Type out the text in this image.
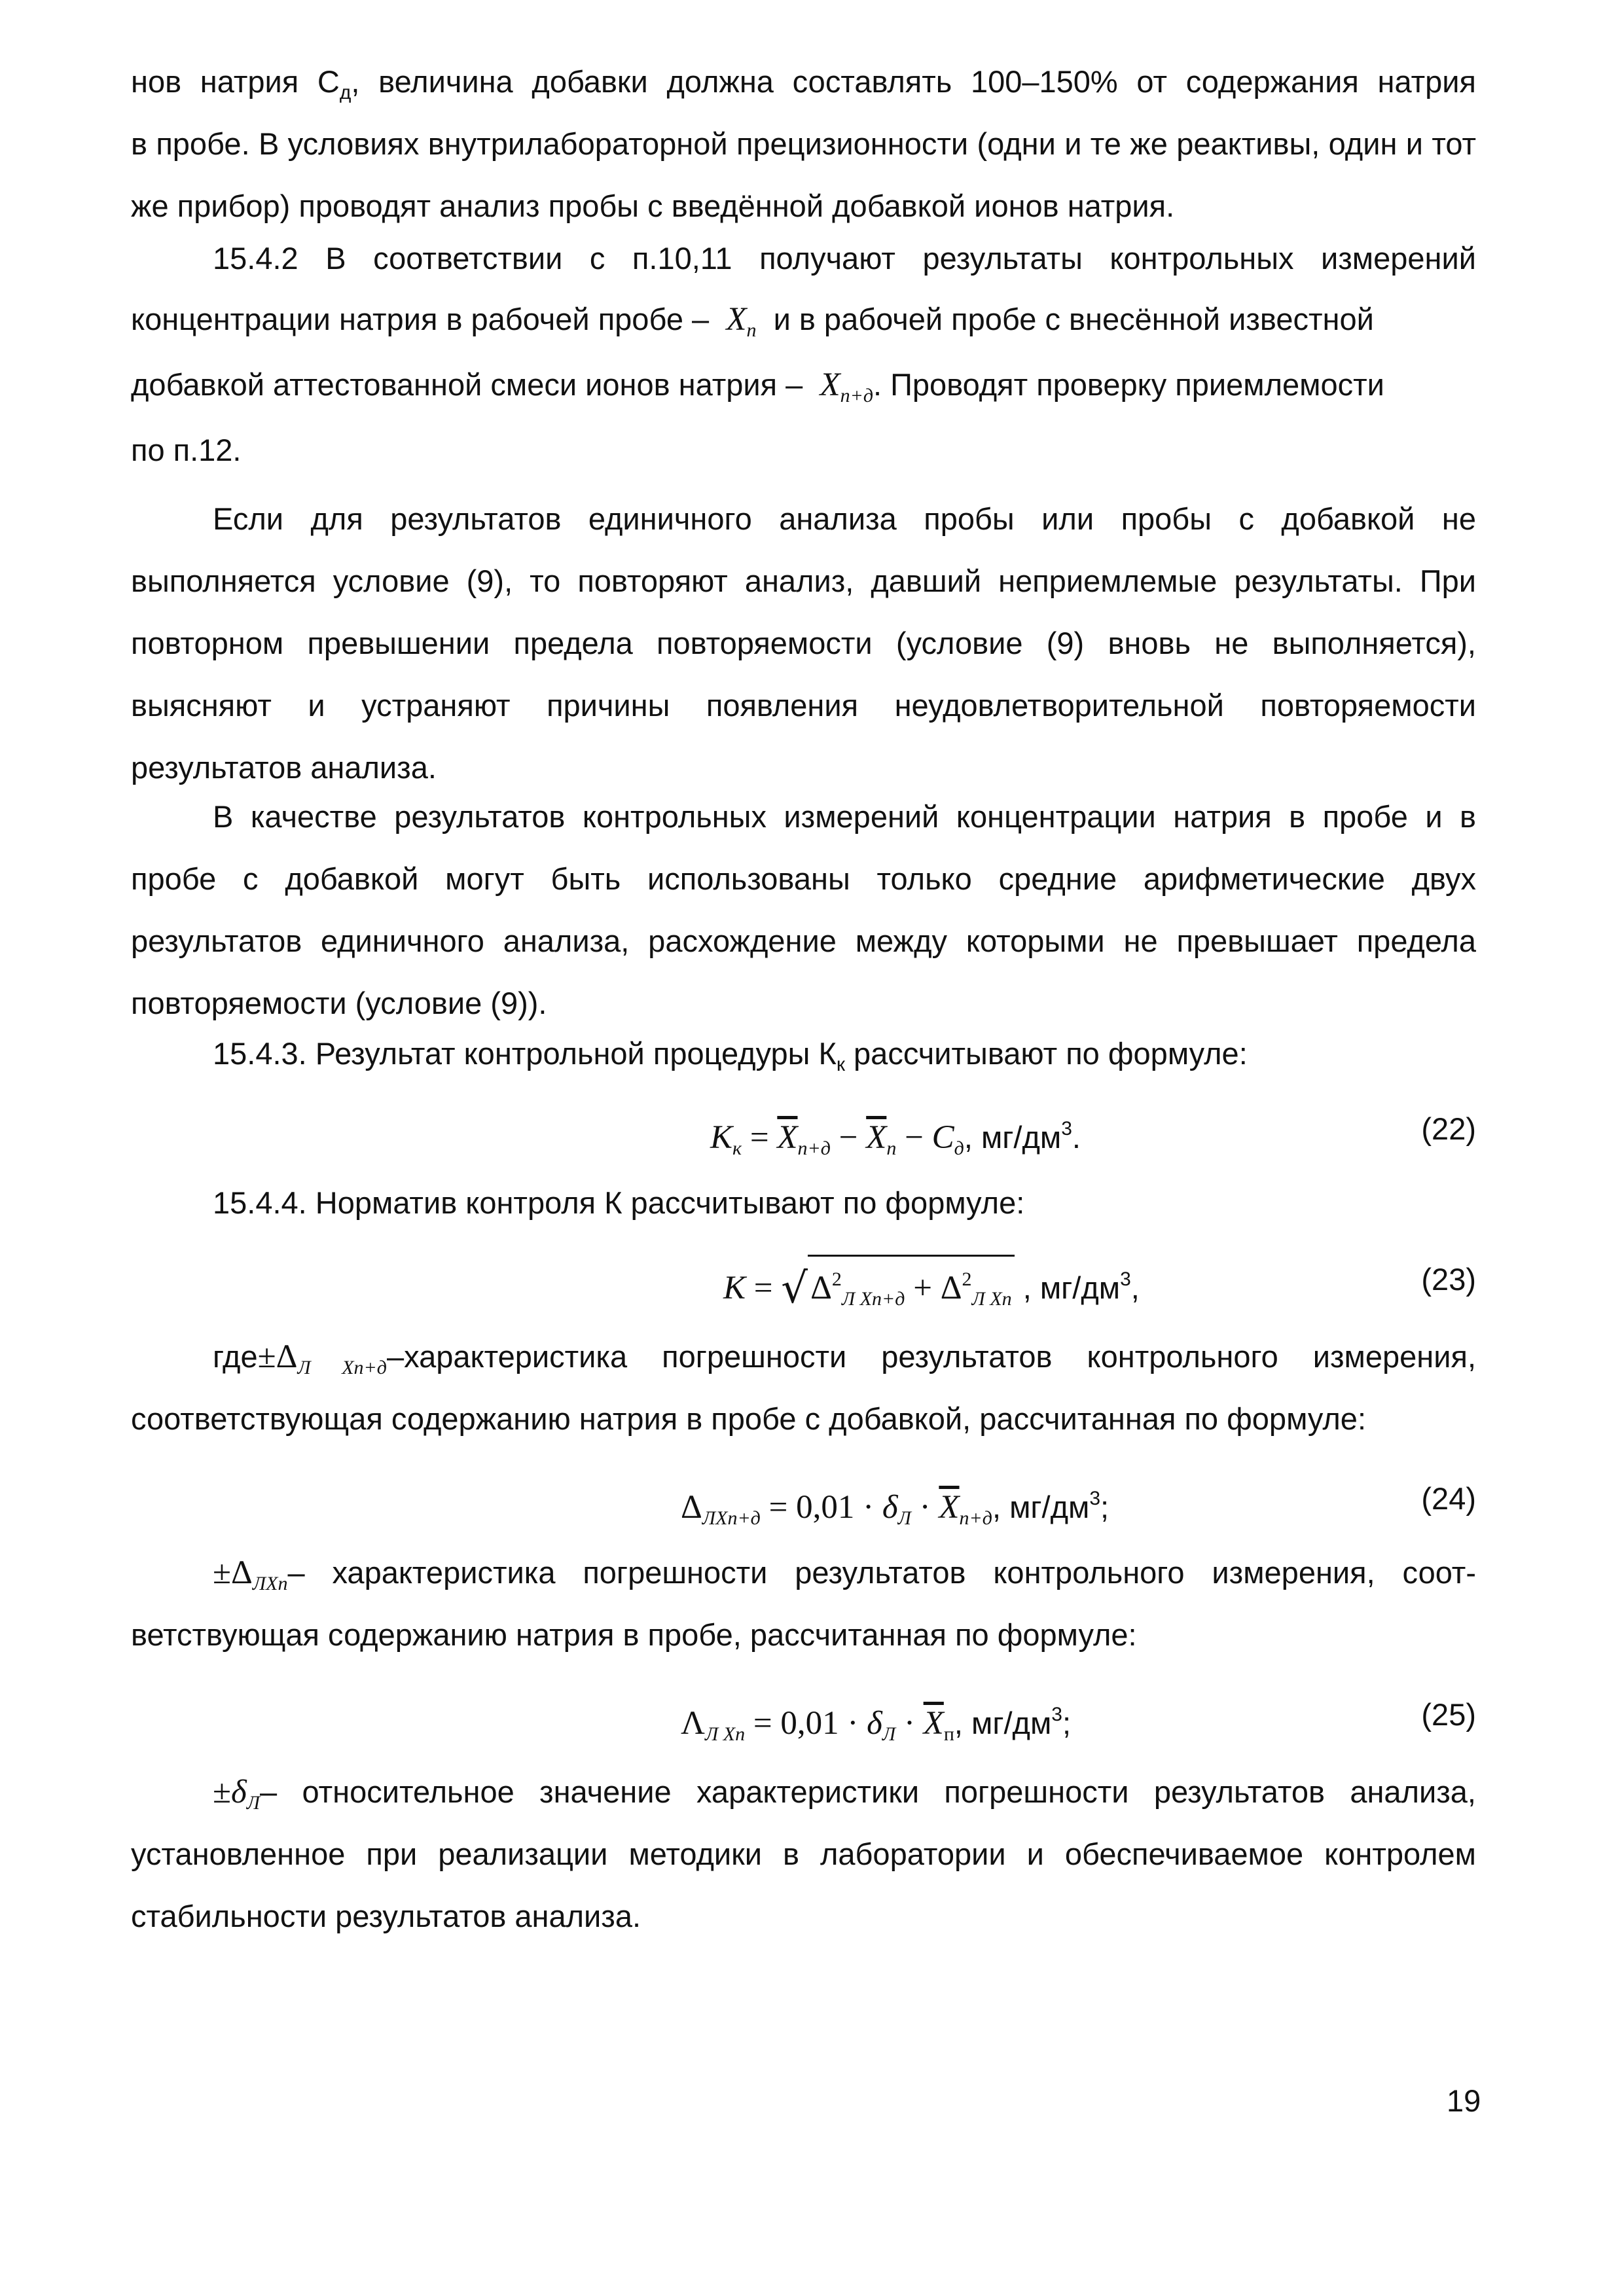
нов натрия $С_д$, величина добавки должна составлять 100–150% от содержания натрия

в пробе. В условиях внутрилабораторной прецизионности (одни и те же реактивы, один и тот же прибор) проводят анализ пробы с введённой добавкой ионов натрия.

15.4.2 В соответствии с п.10,11 получают результаты контрольных измерений
концентрации натрия в рабочей пробе – $X_п$ и в рабочей пробе с внесённой известной
добавкой аттестованной смеси ионов натрия – $X_{п+д}$. Проводят проверку приемлемости
по п.12.

Если для результатов единичного анализа пробы или пробы с добавкой не выполняется условие (9), то повторяют анализ, давший неприемлемые результаты. При повторном превышении предела повторяемости (условие (9) вновь не выполняется), выясняют и устраняют причины появления неудовлетворительной повторяемости результатов анализа.

В качестве результатов контрольных измерений концентрации натрия в пробе и в пробе с добавкой могут быть использованы только средние арифметические двух результатов единичного анализа, расхождение между которыми не превышает предела повторяемости (условие (9)).

15.4.3. Результат контрольной процедуры $К_к$ рассчитывают по формуле:
$K_к = \overline{X}_{п+д} - \overline{X}_п - C_д$, $мг/дм^3$.	(22)
15.4.4. Норматив контроля К рассчитывают по формуле:
$K = √\Delta^2_{Л Xn+д} + \Delta^2_{Л Xn}$ , $мг/дм^3$,	(23)
$где\pm\Delta_{Л Xn+д}$–характеристика погрешности результатов контрольного измерения,
соответствующая содержанию натрия в пробе с добавкой, рассчитанная по формуле:
$\Delta_{ЛXn+д} = 0,01 \cdot \delta_Л \cdot \overline{X}_{п+д}$, $мг/дм^3$;	(24)
$\pm\Delta_{ЛXn}-$ характеристика погрешности результатов контрольного измерения, соот-
ветствующая содержанию натрия в пробе, рассчитанная по формуле:
$\Lambda_{Л Xn} = 0,01 \cdot \delta_Л \cdot \overline{X}_п$, $мг/дм^3$;	(25)
$\pm\delta_Л-$ относительное значение характеристики погрешности результатов анализа,

установленное при реализации методики в лаборатории и обеспечиваемое контролем стабильности результатов анализа.

19
